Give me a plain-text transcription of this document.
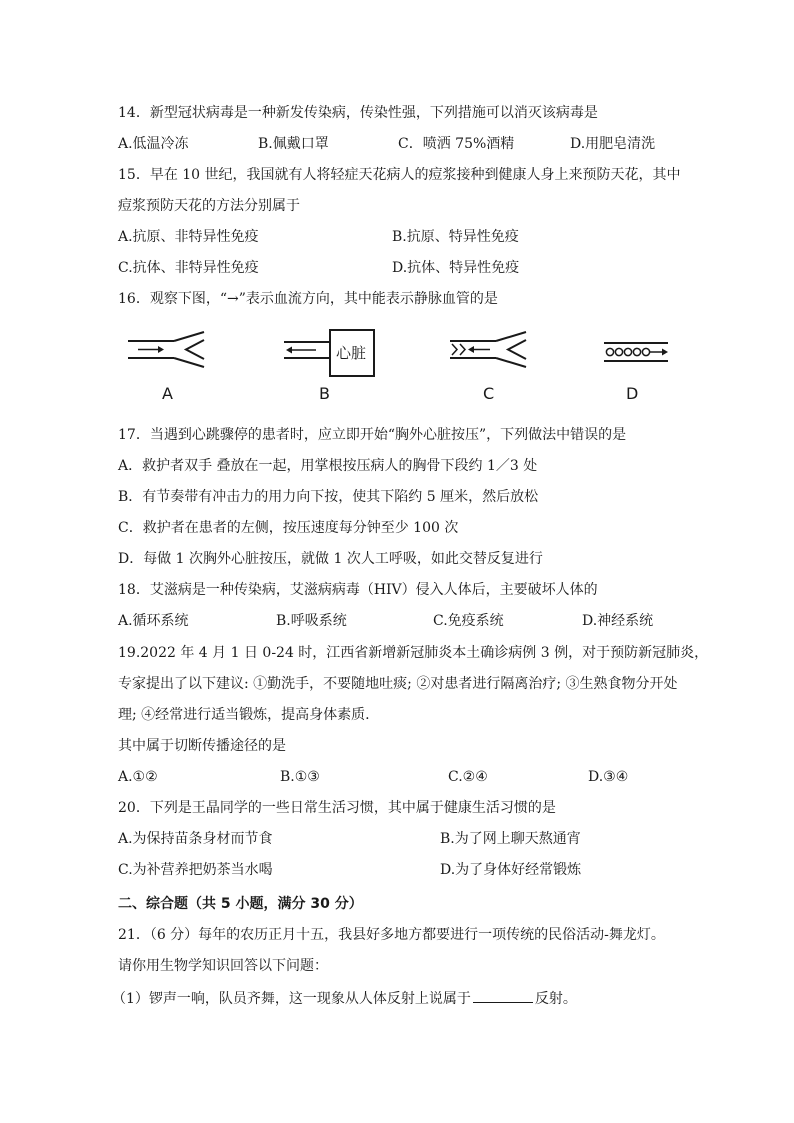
14．新型冠状病毒是一种新发传染病，传染性强，下列措施可以消灭该病毒是
A.低温冷冻	B.佩戴口罩	C．喷洒 75%酒精	D.用肥皂清洗
15．早在 10 世纪，我国就有人将轻症天花病人的痘浆接种到健康人身上来预防天花，其中
痘浆预防天花的方法分别属于
A.抗原、非特异性免疫	B.抗原、特异性免疫
C.抗体、非特异性免疫	D.抗体、特异性免疫
16．观察下图，“→”表示血流方向，其中能表示静脉血管的是
A
心脏
B	C	D
17．当遇到心跳骤停的患者时，应立即开始“胸外心脏按压”，下列做法中错误的是
A．救护者双手 叠放在一起，用掌根按压病人的胸骨下段约 1／3 处
B．有节奏带有冲击力的用力向下按，使其下陷约 5 厘米，然后放松
C．救护者在患者的左侧，按压速度每分钟至少 100 次
D．每做 1 次胸外心脏按压，就做 1 次人工呼吸，如此交替反复进行
18．艾滋病是一种传染病，艾滋病病毒（HIV）侵入人体后，主要破坏人体的
A.循环系统	B.呼吸系统	C.免疫系统	D.神经系统
19.2022 年 4 月 1 日 0-24 时，江西省新增新冠肺炎本土确诊病例 3 例，对于预防新冠肺炎，
专家提出了以下建议: ①勤洗手，不要随地吐痰; ②对患者进行隔离治疗; ③生熟食物分开处
理; ④经常进行适当锻炼，提高身体素质.
其中属于切断传播途径的是
A.①②	B.①③	C.②④	D.③④
20．下列是王晶同学的一些日常生活习惯，其中属于健康生活习惯的是
A.为保持苗条身材而节食	B.为了网上聊天熬通宵
C.为补营养把奶茶当水喝	D.为了身体好经常锻炼
二、综合题（共 5 小题，满分 30 分）
21．（6 分）每年的农历正月十五，我县好多地方都要进行一项传统的民俗活动-舞龙灯。
请你用生物学知识回答以下问题：
（1）锣声一响，队员齐舞，这一现象从人体反射上说属于	反射。
